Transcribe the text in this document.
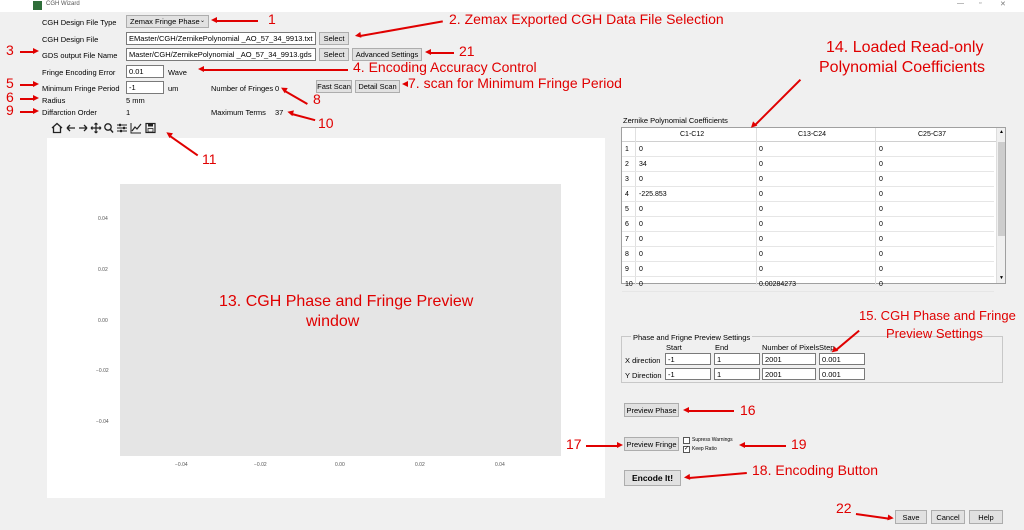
CGH Wizard	— ▫	✕
CGH Design File Type Zemax Fringe Phase ⌄
CGH Design File	EMaster/CGH/ZernikePolynomial _AO_57_34_9913.txt	Select
GDS output File Name	Master/CGH/ZernikePolynomial _AO_57_34_9913.gds	Select	Advanced Settings
Fringe Encoding Error	0.01	Wave
Minimum Fringe Period	-1	um	Number of Fringes 0	Fast Scan Detail Scan
Radius	5 mm
Diffarction Order	1	Maximum Terms 37
0.04
0.02
0.00
−0.02
−0.04
−0.04	−0.02	0.00	0.02	0.04
Zernike Polynomial Coefficients
C1-C12	C13-C24	C25-C37
1 0	0	0
2 34	0	0
3 0	0	0
4 -225.853	0	0
5 0	0	0
6 0	0	0
7 0	0	0
8 0	0	0
9 0	0	0
10 0	0.00284273	0
▲
▼
Phase and Frigne Preview Settings
Start	End	Number of Pixels Step
X direction	-1	1	2001	0.001
Y Direction -1	1	2001	0.001
Preview Phase
Preview Fringe	Supress Warnings
✓ Keep Ratio
Encode It!
Save	Cancel	Help
1	2. Zemax Exported CGH Data File Selection
3	21
4. Encoding Accuracy Control
5	7. scan for Minimum Fringe Period
8
6
9
10
11
13. CGH Phase and Fringe Preview
window
14. Loaded Read-only
Polynomial Coefficients
15. CGH Phase and Fringe
Preview Settings
16
17	19
18. Encoding Button
22
